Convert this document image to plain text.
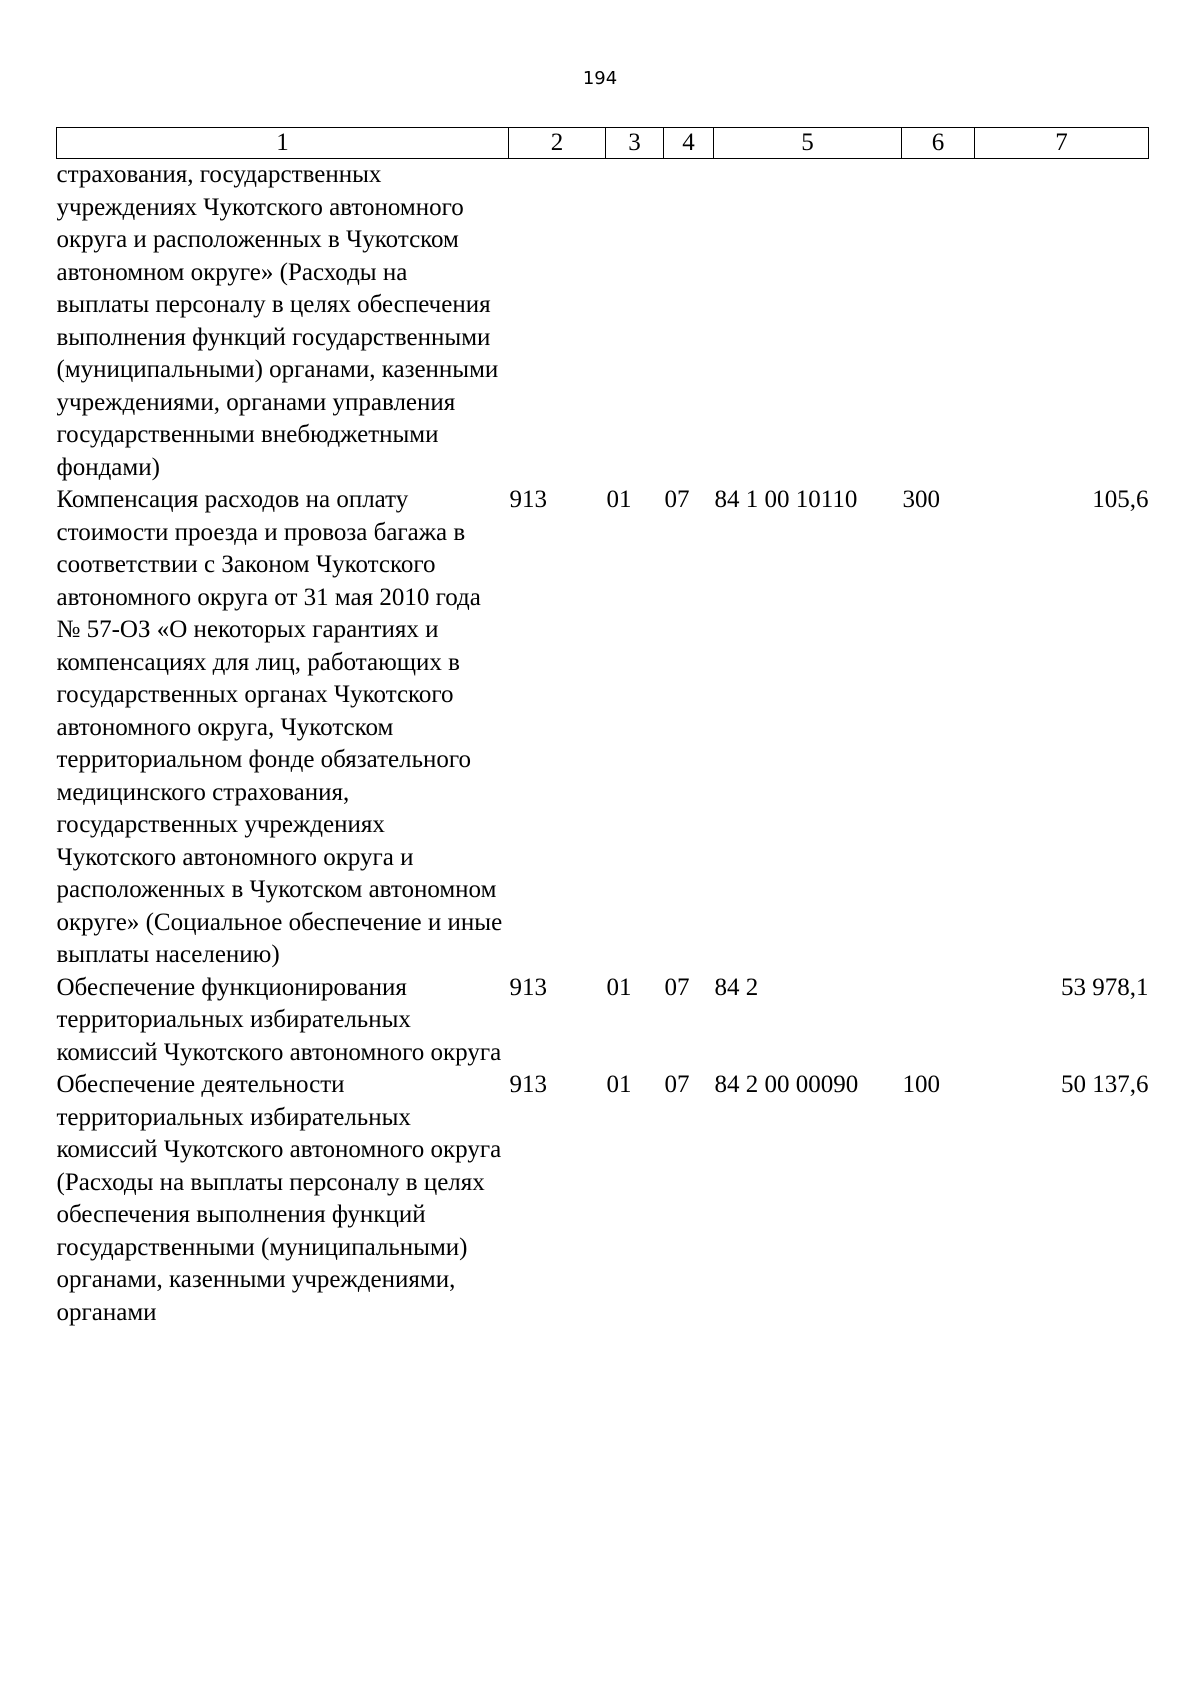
194
1	2	3	4	5	6	7
страхования, государственных учреждениях Чукотского автономного округа и расположенных в Чукотском автономном округе» (Расходы на выплаты персоналу в целях обеспечения выполнения функций государственными (муниципальными) органами, казенными учреждениями, органами управления государственными внебюджетными фондами)						
Компенсация расходов на оплату стоимости проезда и провоза багажа в соответствии с Законом Чукотского автономного округа от 31 мая 2010 года № 57-ОЗ «О некоторых гарантиях и компенсациях для лиц, работающих в государственных органах Чукотского автономного округа, Чукотском территориальном фонде обязательного медицинского страхования, государственных учреждениях Чукотского автономного округа и расположенных в Чукотском автономном округе» (Социальное обеспечение и иные выплаты населению)	913	01	07	84 1 00 10110	300	105,6
Обеспечение функционирования территориальных избирательных комиссий Чукотского автономного округа	913	01	07	84 2		53 978,1
Обеспечение деятельности территориальных избирательных комиссий Чукотского автономного округа (Расходы на выплаты персоналу в целях обеспечения выполнения функций государственными (муниципальными) органами, казенными учреждениями, органами	913	01	07	84 2 00 00090	100	50 137,6
